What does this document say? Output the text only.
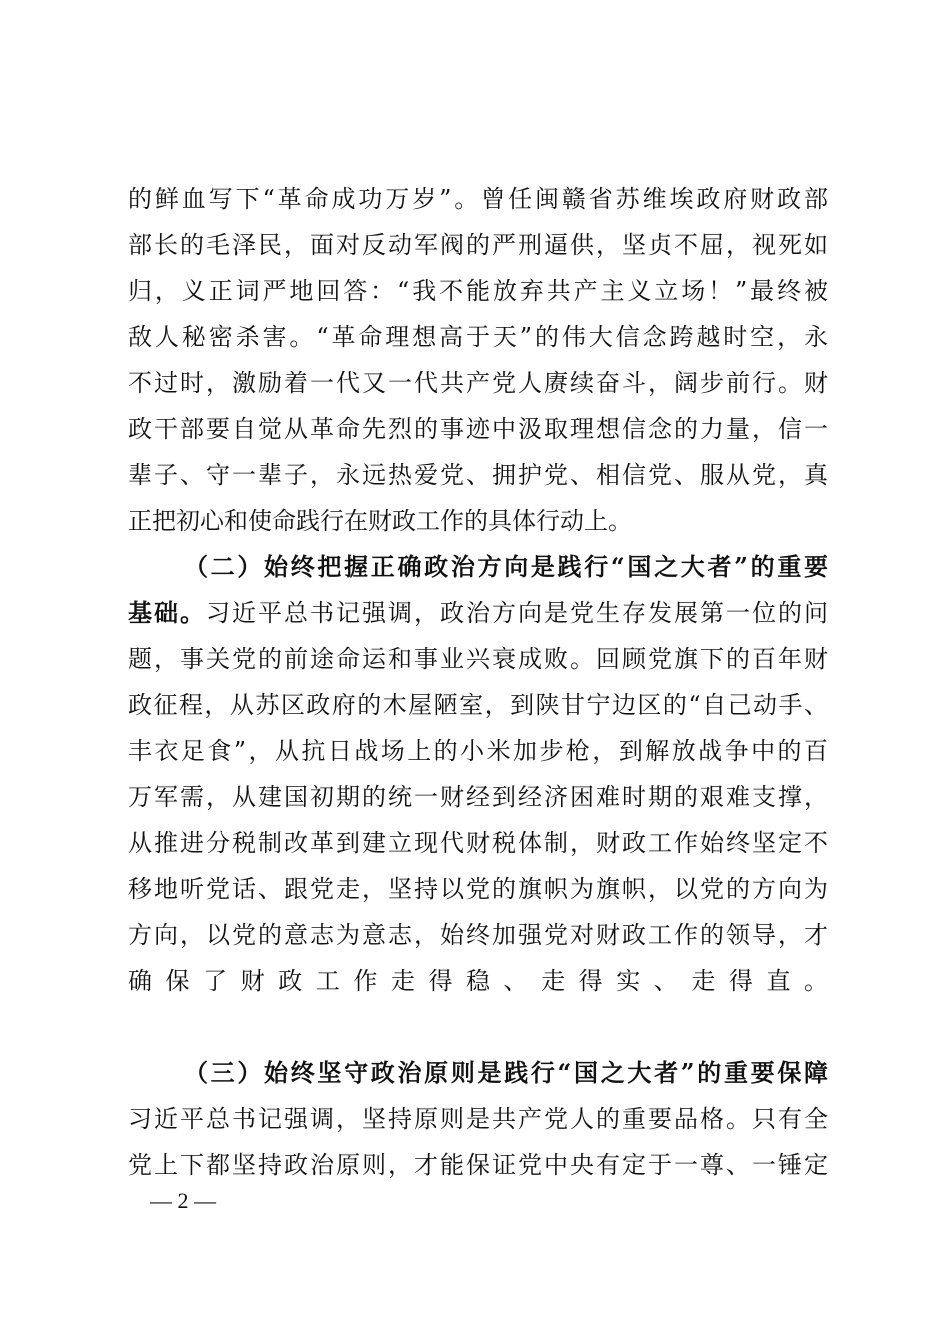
的鲜血写下“革命成功万岁”。曾任闽赣省苏维埃政府财政部
部长的毛泽民，面对反动军阀的严刑逼供，坚贞不屈，视死如
归，义正词严地回答：“我不能放弃共产主义立场！”最终被
敌人秘密杀害。“革命理想高于天”的伟大信念跨越时空，永
不过时，激励着一代又一代共产党人赓续奋斗，阔步前行。财
政干部要自觉从革命先烈的事迹中汲取理想信念的力量，信一
辈子、守一辈子，永远热爱党、拥护党、相信党、服从党，真
正把初心和使命践行在财政工作的具体行动上。
（二）始终把握正确政治方向是践行“国之大者”的重要
基础。习近平总书记强调，政治方向是党生存发展第一位的问
题，事关党的前途命运和事业兴衰成败。回顾党旗下的百年财
政征程，从苏区政府的木屋陋室，到陕甘宁边区的“自己动手、
丰衣足食”，从抗日战场上的小米加步枪，到解放战争中的百
万军需，从建国初期的统一财经到经济困难时期的艰难支撑，
从推进分税制改革到建立现代财税体制，财政工作始终坚定不
移地听党话、跟党走，坚持以党的旗帜为旗帜，以党的方向为
方向，以党的意志为意志，始终加强党对财政工作的领导，才
确保了财政工作走得稳、走得实、走得直。
（三）始终坚守政治原则是践行“国之大者”的重要保障
习近平总书记强调，坚持原则是共产党人的重要品格。只有全
党上下都坚持政治原则，才能保证党中央有定于一尊、一锤定
— 2 —
